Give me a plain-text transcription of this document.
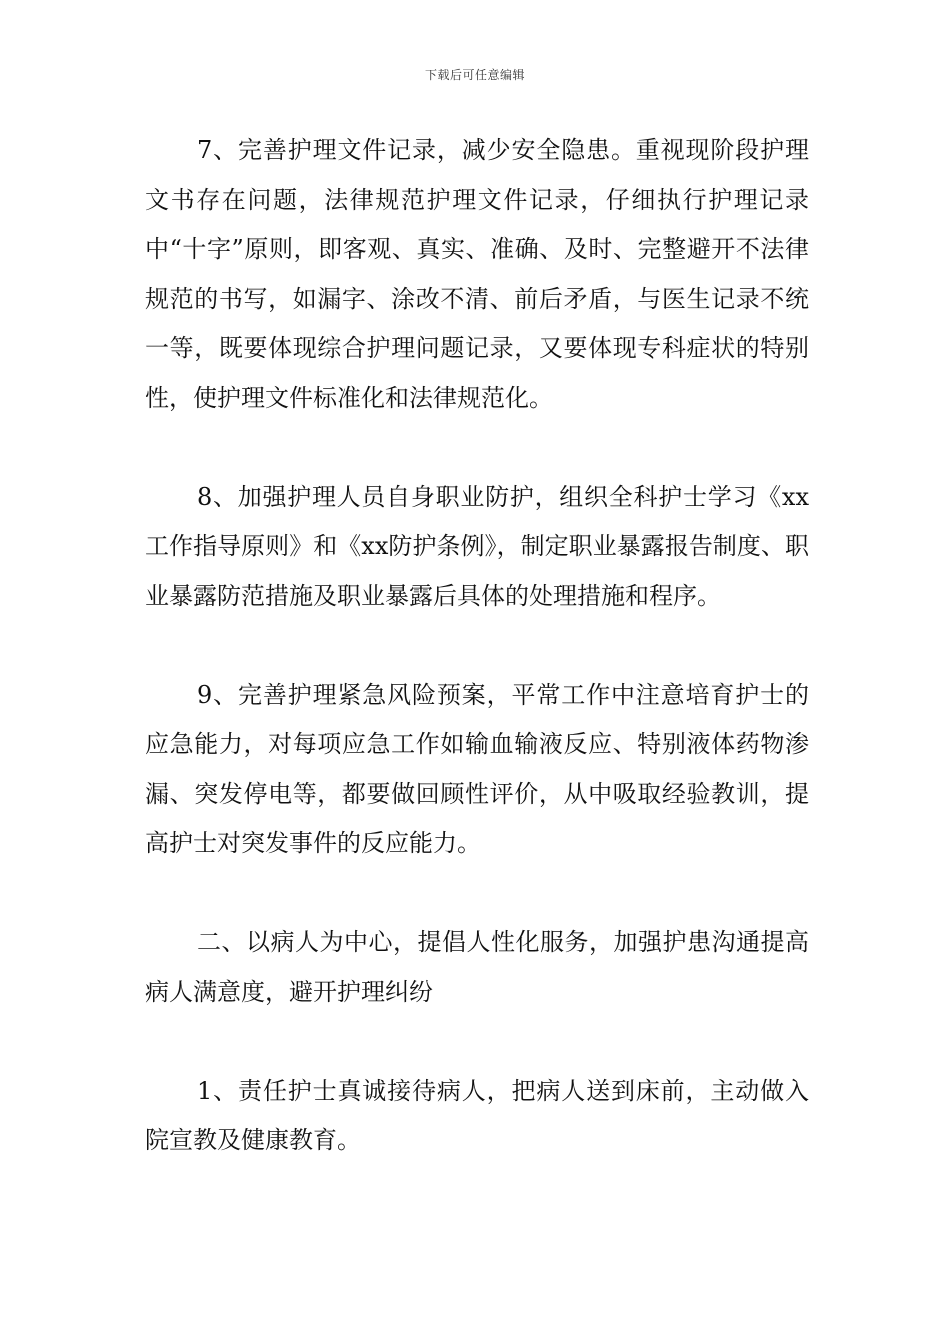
下载后可任意编辑

7、完善护理文件记录，减少安全隐患。重视现阶段护理文书存在问题，法律规范护理文件记录，仔细执行护理记录中“十字”原则，即客观、真实、准确、及时、完整避开不法律规范的书写，如漏字、涂改不清、前后矛盾，与医生记录不统一等，既要体现综合护理问题记录，又要体现专科症状的特别性，使护理文件标准化和法律规范化。

8、加强护理人员自身职业防护，组织全科护士学习《xx工作指导原则》和《xx防护条例》，制定职业暴露报告制度、职业暴露防范措施及职业暴露后具体的处理措施和程序。

9、完善护理紧急风险预案，平常工作中注意培育护士的应急能力，对每项应急工作如输血输液反应、特别液体药物渗漏、突发停电等，都要做回顾性评价，从中吸取经验教训，提高护士对突发事件的反应能力。

二、以病人为中心，提倡人性化服务，加强护患沟通提高病人满意度，避开护理纠纷

1、责任护士真诚接待病人，把病人送到床前，主动做入院宣教及健康教育。
